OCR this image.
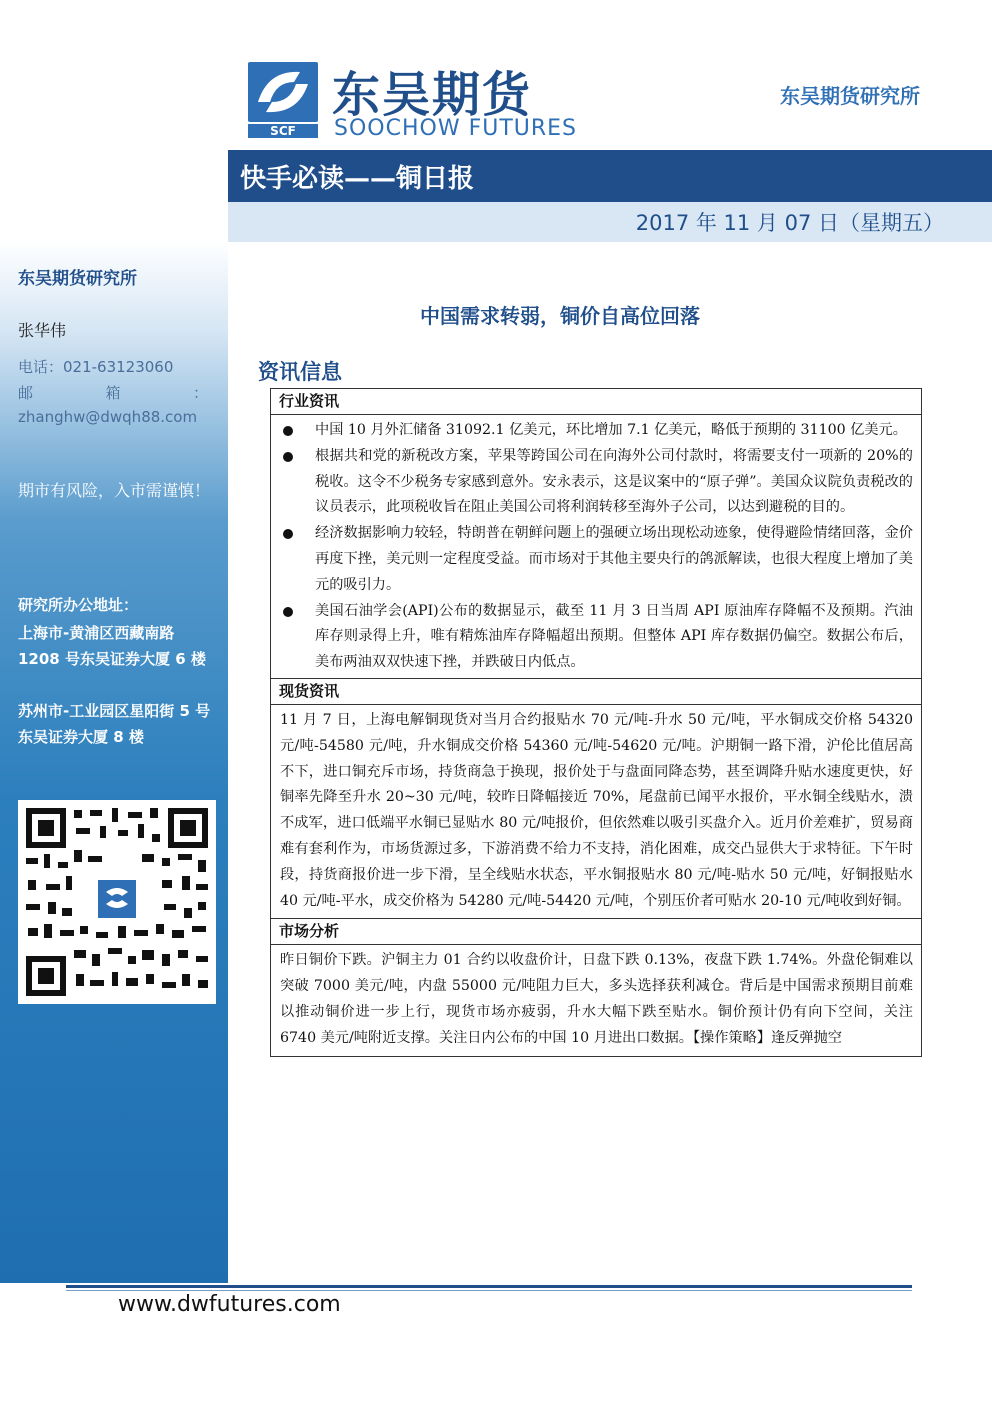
东吴期货研究所
张华伟
电话：021-63123060
邮	箱	：
zhanghw@dwqh88.com
期市有风险，入市需谨慎！
研究所办公地址：
上海市-黄浦区西藏南路 1208 号东吴证券大厦 6 楼
苏州市-工业园区星阳街 5 号东吴证券大厦 8 楼
SCF
东吴期货
SOOCHOW FUTURES
东吴期货研究所
快手必读——铜日报
2017 年 11 月 07 日（星期五）
中国需求转弱，铜价自高位回落
资讯信息
行业资讯
中国 10 月外汇储备 31092.1 亿美元，环比增加 7.1 亿美元，略低于预期的 31100 亿美元。
根据共和党的新税改方案，苹果等跨国公司在向海外公司付款时，将需要支付一项新的 20%的税收。这令不少税务专家感到意外。安永表示，这是议案中的“原子弹”。美国众议院负责税改的议员表示，此项税收旨在阻止美国公司将利润转移至海外子公司，以达到避税的目的。
经济数据影响力较轻，特朗普在朝鲜问题上的强硬立场出现松动迹象，使得避险情绪回落，金价再度下挫，美元则一定程度受益。而市场对于其他主要央行的鸽派解读，也很大程度上增加了美元的吸引力。
美国石油学会(API)公布的数据显示，截至 11 月 3 日当周 API 原油库存降幅不及预期。汽油库存则录得上升，唯有精炼油库存降幅超出预期。但整体 API 库存数据仍偏空。数据公布后，美布两油双双快速下挫，并跌破日内低点。
现货资讯
11 月 7 日，上海电解铜现货对当月合约报贴水 70 元/吨-升水 50 元/吨，平水铜成交价格 54320 元/吨-54580 元/吨，升水铜成交价格 54360 元/吨-54620 元/吨。沪期铜一路下滑，沪伦比值居高不下，进口铜充斥市场，持货商急于换现，报价处于与盘面同降态势，甚至调降升贴水速度更快，好铜率先降至升水 20~30 元/吨，较昨日降幅接近 70%，尾盘前已闻平水报价，平水铜全线贴水，溃不成军，进口低端平水铜已显贴水 80 元/吨报价，但依然难以吸引买盘介入。近月价差难扩，贸易商难有套利作为，市场货源过多，下游消费不给力不支持，消化困难，成交凸显供大于求特征。下午时段，持货商报价进一步下滑，呈全线贴水状态，平水铜报贴水 80 元/吨-贴水 50 元/吨，好铜报贴水 40 元/吨-平水，成交价格为 54280 元/吨-54420 元/吨，个别压价者可贴水 20-10 元/吨收到好铜。
市场分析
昨日铜价下跌。沪铜主力 01 合约以收盘价计，日盘下跌 0.13%，夜盘下跌 1.74%。外盘伦铜难以突破 7000 美元/吨，内盘 55000 元/吨阻力巨大，多头选择获利减仓。背后是中国需求预期目前难以推动铜价进一步上行，现货市场亦疲弱，升水大幅下跌至贴水。铜价预计仍有向下空间，关注 6740 美元/吨附近支撑。关注日内公布的中国 10 月进出口数据。【操作策略】逢反弹抛空
www.dwfutures.com
